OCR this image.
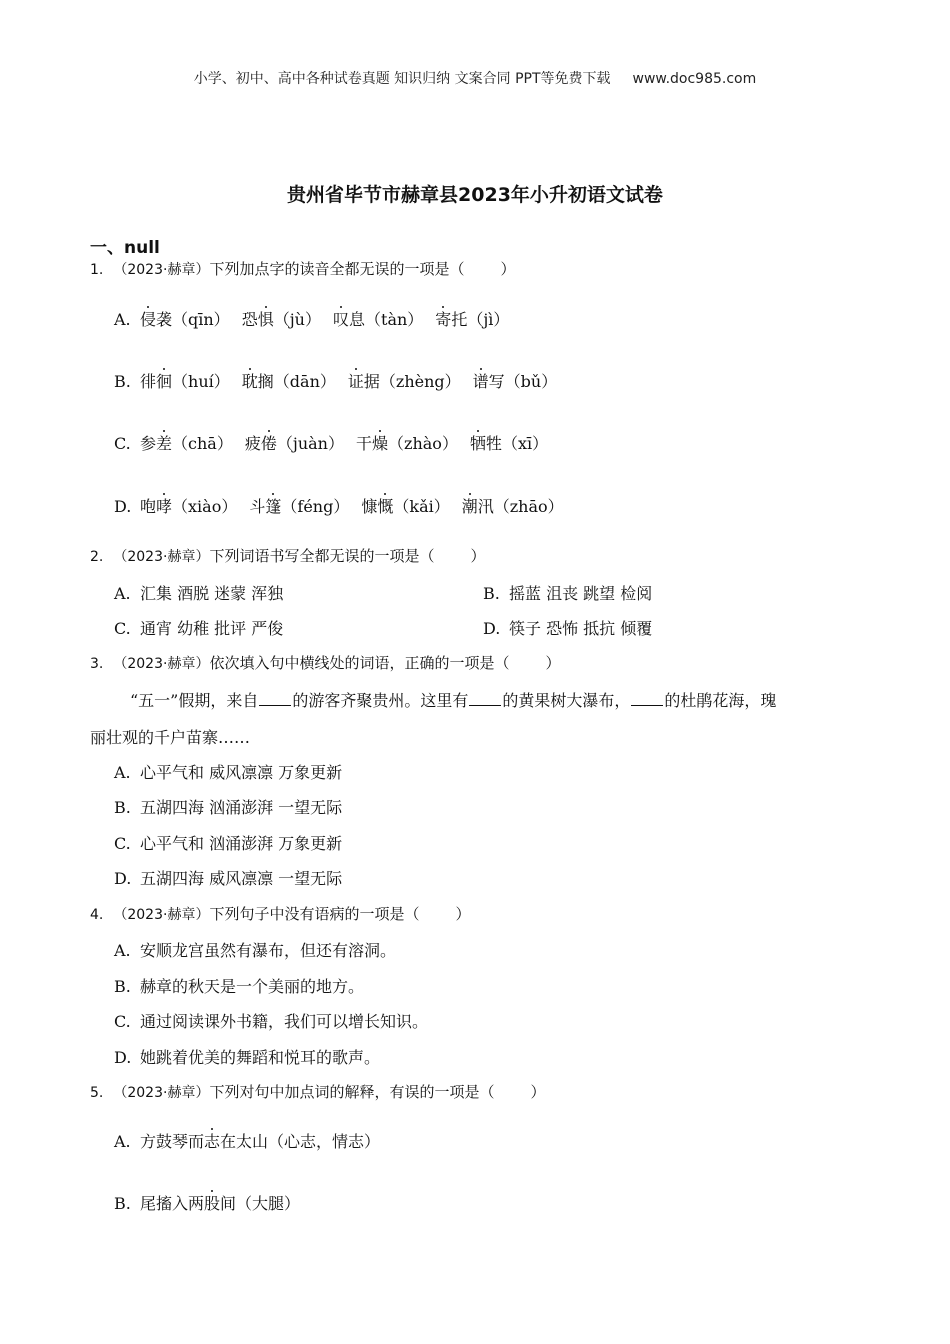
小学、初中、高中各种试卷真题 知识归纳 文案合同 PPT等免费下载 www.doc985.com
贵州省毕节市赫章县2023年小升初语文试卷
一、null
1. （2023·赫章）下列加点字的读音全都无误的一项是（ ）
A. 侵袭（qīn） 恐惧（jù） 叹息（tàn） 寄托（jì）
B. 徘徊（huí） 耽搁（dān） 证据（zhèng） 谱写（bǔ）
C. 参差（chā） 疲倦（juàn） 干燥（zhào） 牺牲（xī）
D. 咆哮（xiào） 斗篷（féng） 慷慨（kǎi） 潮汛（zhāo）
2. （2023·赫章）下列词语书写全都无误的一项是（ ）
A. 汇集 酒脱 迷蒙 浑独	B. 摇蓝 沮丧 跳望 检阅
C. 通宵 幼稚 批评 严俊	D. 筷子 恐怖 抵抗 倾覆
3. （2023·赫章）依次填入句中横线处的词语，正确的一项是（ ）
“五一”假期，来自 的游客齐聚贵州。这里有 的黄果树大瀑布， 的杜鹃花海，瑰
丽壮观的千户苗寨……
A. 心平气和 威风凛凛 万象更新
B. 五湖四海 汹涌澎湃 一望无际
C. 心平气和 汹涌澎湃 万象更新
D. 五湖四海 威风凛凛 一望无际
4. （2023·赫章）下列句子中没有语病的一项是（ ）
A. 安顺龙宫虽然有瀑布，但还有溶洞。
B. 赫章的秋天是一个美丽的地方。
C. 通过阅读课外书籍，我们可以增长知识。
D. 她跳着优美的舞蹈和悦耳的歌声。
5. （2023·赫章）下列对句中加点词的解释，有误的一项是（ ）
A. 方鼓琴而志在太山（心志，情志）
B. 尾搐入两股间（大腿）
